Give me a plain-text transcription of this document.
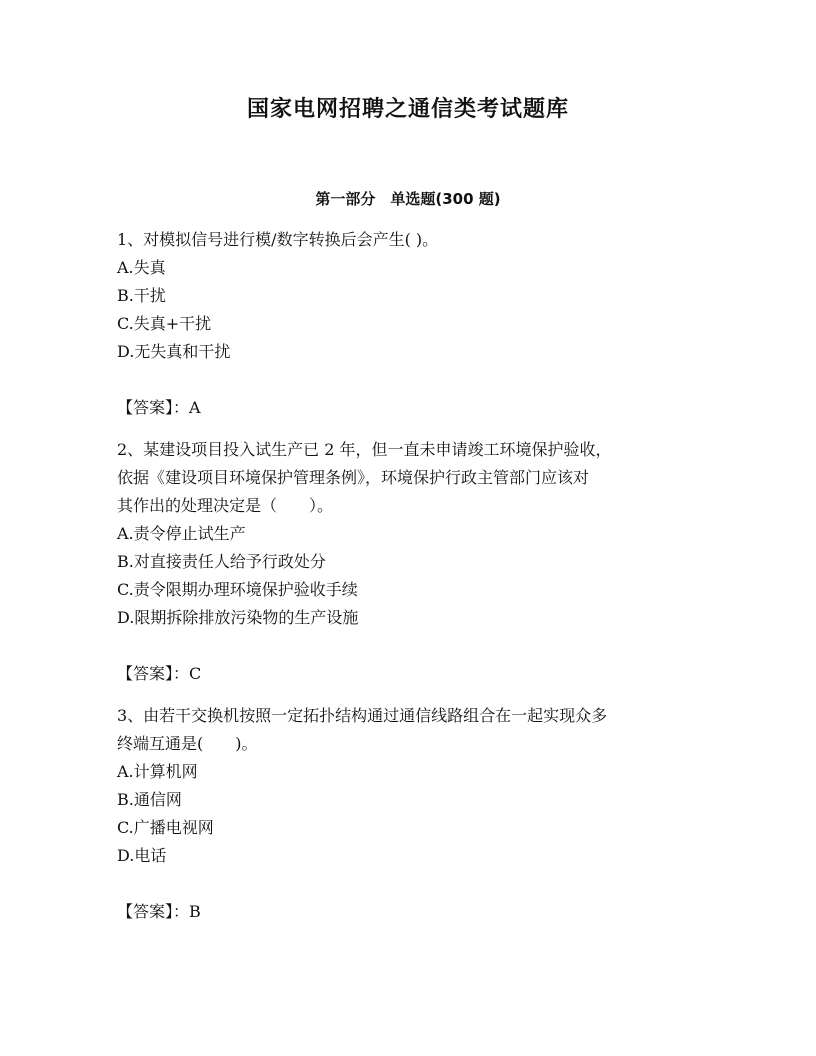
国家电网招聘之通信类考试题库
第一部分　单选题(300 题)
1、对模拟信号进行模/数字转换后会产生( )。
A.失真
B.干扰
C.失真+干扰
D.无失真和干扰
【答案】：A
2、某建设项目投入试生产已 2 年，但一直未申请竣工环境保护验收，
依据《建设项目环境保护管理条例》，环境保护行政主管部门应该对
其作出的处理决定是（　　）。
A.责令停止试生产
B.对直接责任人给予行政处分
C.责令限期办理环境保护验收手续
D.限期拆除排放污染物的生产设施
【答案】：C
3、由若干交换机按照一定拓扑结构通过通信线路组合在一起实现众多
终端互通是(　　)。
A.计算机网
B.通信网
C.广播电视网
D.电话
【答案】：B
